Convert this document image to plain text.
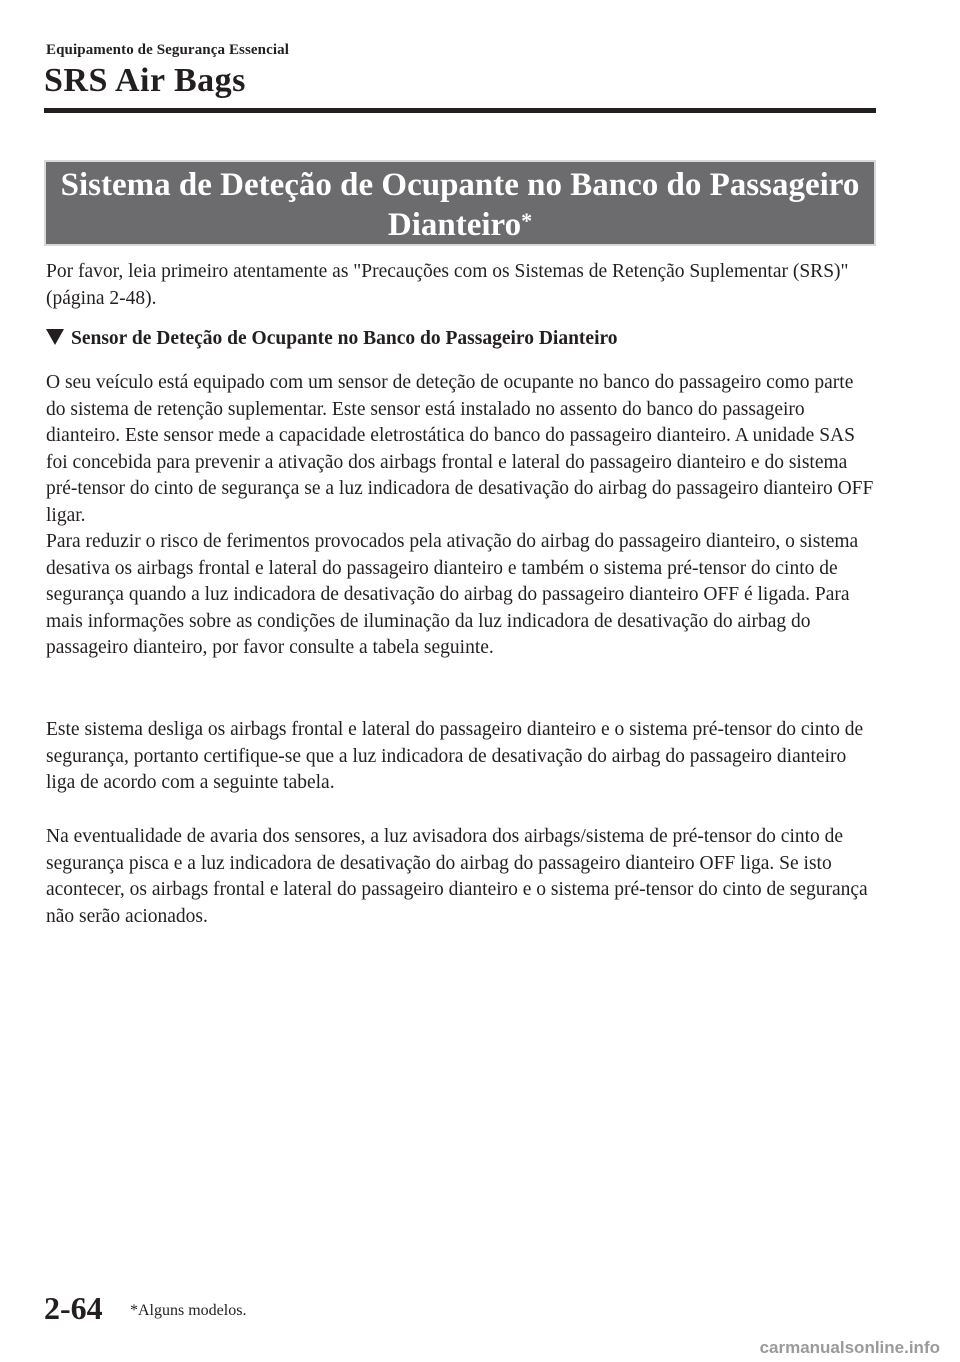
Equipamento de Segurança Essencial
SRS Air Bags
Sistema de Deteção de Ocupante no Banco do Passageiro
Dianteiro*

Por favor, leia primeiro atentamente as "Precauções com os Sistemas de Retenção Suplementar (SRS)" (página 2-48).

Sensor de Deteção de Ocupante no Banco do Passageiro Dianteiro

O seu veículo está equipado com um sensor de deteção de ocupante no banco do passageiro como parte do sistema de retenção suplementar. Este sensor está instalado no assento do banco do passageiro dianteiro. Este sensor mede a capacidade eletrostática do banco do passageiro dianteiro. A unidade SAS foi concebida para prevenir a ativação dos airbags frontal e lateral do passageiro dianteiro e do sistema pré-tensor do cinto de segurança se a luz indicadora de desativação do airbag do passageiro dianteiro OFF ligar.

Para reduzir o risco de ferimentos provocados pela ativação do airbag do passageiro dianteiro, o sistema desativa os airbags frontal e lateral do passageiro dianteiro e também o sistema pré-tensor do cinto de segurança quando a luz indicadora de desativação do airbag do passageiro dianteiro OFF é ligada. Para mais informações sobre as condições de iluminação da luz indicadora de desativação do airbag do passageiro dianteiro, por favor consulte a tabela seguinte.

Este sistema desliga os airbags frontal e lateral do passageiro dianteiro e o sistema pré-tensor do cinto de segurança, portanto certifique-se que a luz indicadora de desativação do airbag do passageiro dianteiro liga de acordo com a seguinte tabela.

Na eventualidade de avaria dos sensores, a luz avisadora dos airbags/sistema de pré-tensor do cinto de segurança pisca e a luz indicadora de desativação do airbag do passageiro dianteiro OFF liga. Se isto acontecer, os airbags frontal e lateral do passageiro dianteiro e o sistema pré-tensor do cinto de segurança não serão acionados.

2-64 *Alguns modelos.
carmanualsonline.info
